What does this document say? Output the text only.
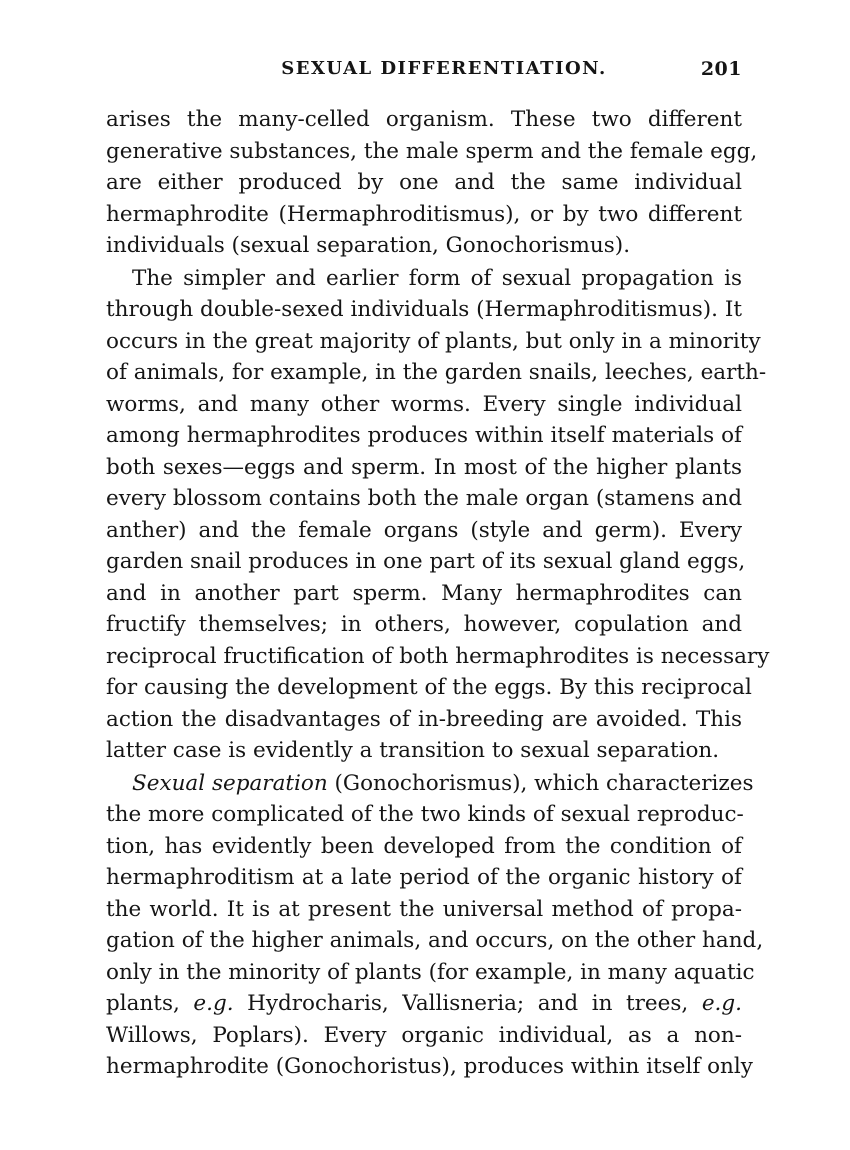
SEXUAL DIFFERENTIATION.	201

arises the many-celled organism. These two different
generative substances, the male sperm and the female egg,
are either produced by one and the same individual
hermaphrodite (Hermaphroditismus), or by two different
individuals (sexual separation, Gonochorismus).

The simpler and earlier form of sexual propagation is
through double-sexed individuals (Hermaphroditismus). It
occurs in the great majority of plants, but only in a minority
of animals, for example, in the garden snails, leeches, earth-
worms, and many other worms. Every single individual
among hermaphrodites produces within itself materials of
both sexes—eggs and sperm. In most of the higher plants
every blossom contains both the male organ (stamens and
anther) and the female organs (style and germ). Every
garden snail produces in one part of its sexual gland eggs,
and in another part sperm. Many hermaphrodites can
fructify themselves; in others, however, copulation and
reciprocal fructification of both hermaphrodites is necessary
for causing the development of the eggs. By this reciprocal
action the disadvantages of in-breeding are avoided. This
latter case is evidently a transition to sexual separation.

Sexual separation (Gonochorismus), which characterizes
the more complicated of the two kinds of sexual reproduc-
tion, has evidently been developed from the condition of
hermaphroditism at a late period of the organic history of
the world. It is at present the universal method of propa-
gation of the higher animals, and occurs, on the other hand,
only in the minority of plants (for example, in many aquatic
plants, e.g. Hydrocharis, Vallisneria; and in trees, e.g.
Willows, Poplars). Every organic individual, as a non-
hermaphrodite (Gonochoristus), produces within itself only
